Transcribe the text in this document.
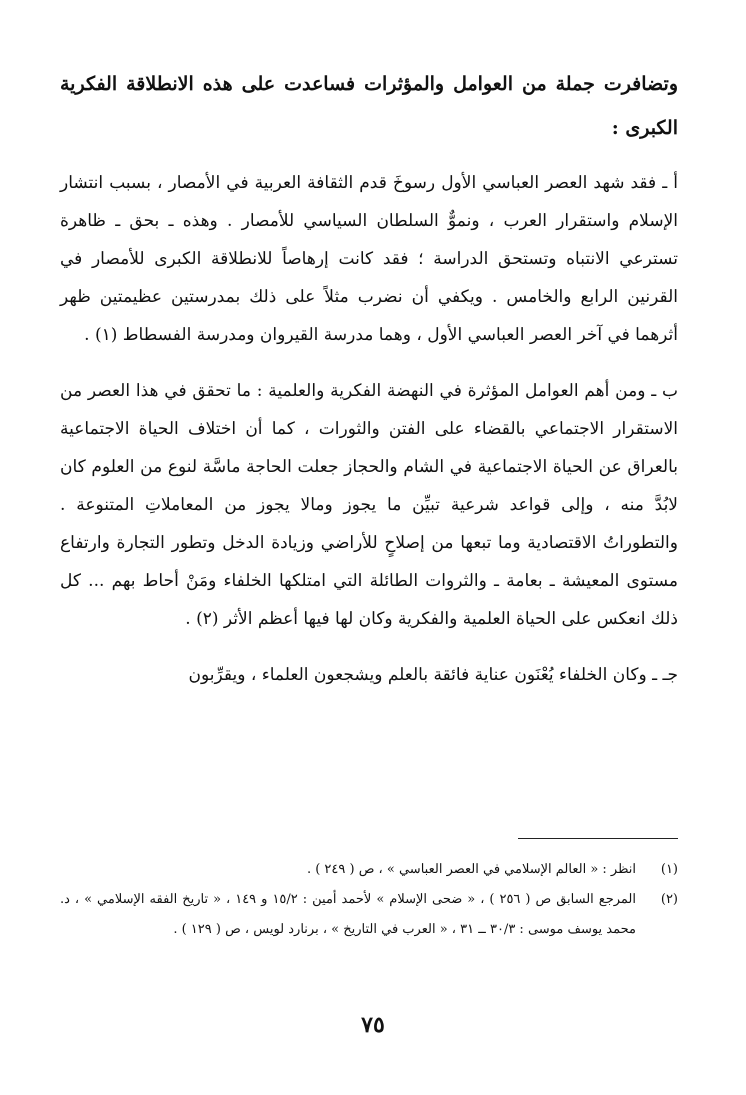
وتضافرت جملة من العوامل والمؤثرات فساعدت على هذه الانطلاقة الفكرية الكبرى :

أ ـ فقد شهد العصر العباسي الأول رسوخَ قدم الثقافة العربية في الأمصار ، بسبب انتشار الإسلام واستقرار العرب ، ونموٌّ السلطان السياسي للأمصار . وهذه ـ بحق ـ ظاهرة تسترعي الانتباه وتستحق الدراسة ؛ فقد كانت إرهاصاً للانطلاقة الكبرى للأمصار في القرنين الرابع والخامس . ويكفي أن نضرب مثلاً على ذلك بمدرستين عظيمتين ظهر أثرهما في آخر العصر العباسي الأول ، وهما مدرسة القيروان ومدرسة الفسطاط (١) .

ب ـ ومن أهم العوامل المؤثرة في النهضة الفكرية والعلمية : ما تحقق في هذا العصر من الاستقرار الاجتماعي بالقضاء على الفتن والثورات ، كما أن اختلاف الحياة الاجتماعية بالعراق عن الحياة الاجتماعية في الشام والحجاز جعلت الحاجة ماسَّة لنوع من العلوم كان لابُدَّ منه ، وإلى قواعد شرعية تبيِّن ما يجوز ومالا يجوز من المعاملاتِ المتنوعة . والتطوراتُ الاقتصادية وما تبعها من إصلاحٍ للأراضي وزيادة الدخل وتطور التجارة وارتفاع مستوى المعيشة ـ بعامة ـ والثروات الطائلة التي امتلكها الخلفاء ومَنْ أحاط بهم ... كل ذلك انعكس على الحياة العلمية والفكرية وكان لها فيها أعظم الأثر (٢) .

جـ ـ وكان الخلفاء يُعْنَون عناية فائقة بالعلم ويشجعون العلماء ، ويقرِّبون

(١)
انظر : « العالم الإسلامي في العصر العباسي » ، ص ( ٢٤٩ ) .
(٢)
المرجع السابق ص ( ٢٥٦ ) ، « ضحى الإسلام » لأحمد أمين : ١٥/٢ و ١٤٩ ، « تاريخ الفقه الإسلامي » ، د. محمد يوسف موسى : ٣٠/٣ ــ ٣١ ، « العرب في التاريخ » ، برنارد لويس ، ص ( ١٢٩ ) .
٧٥
